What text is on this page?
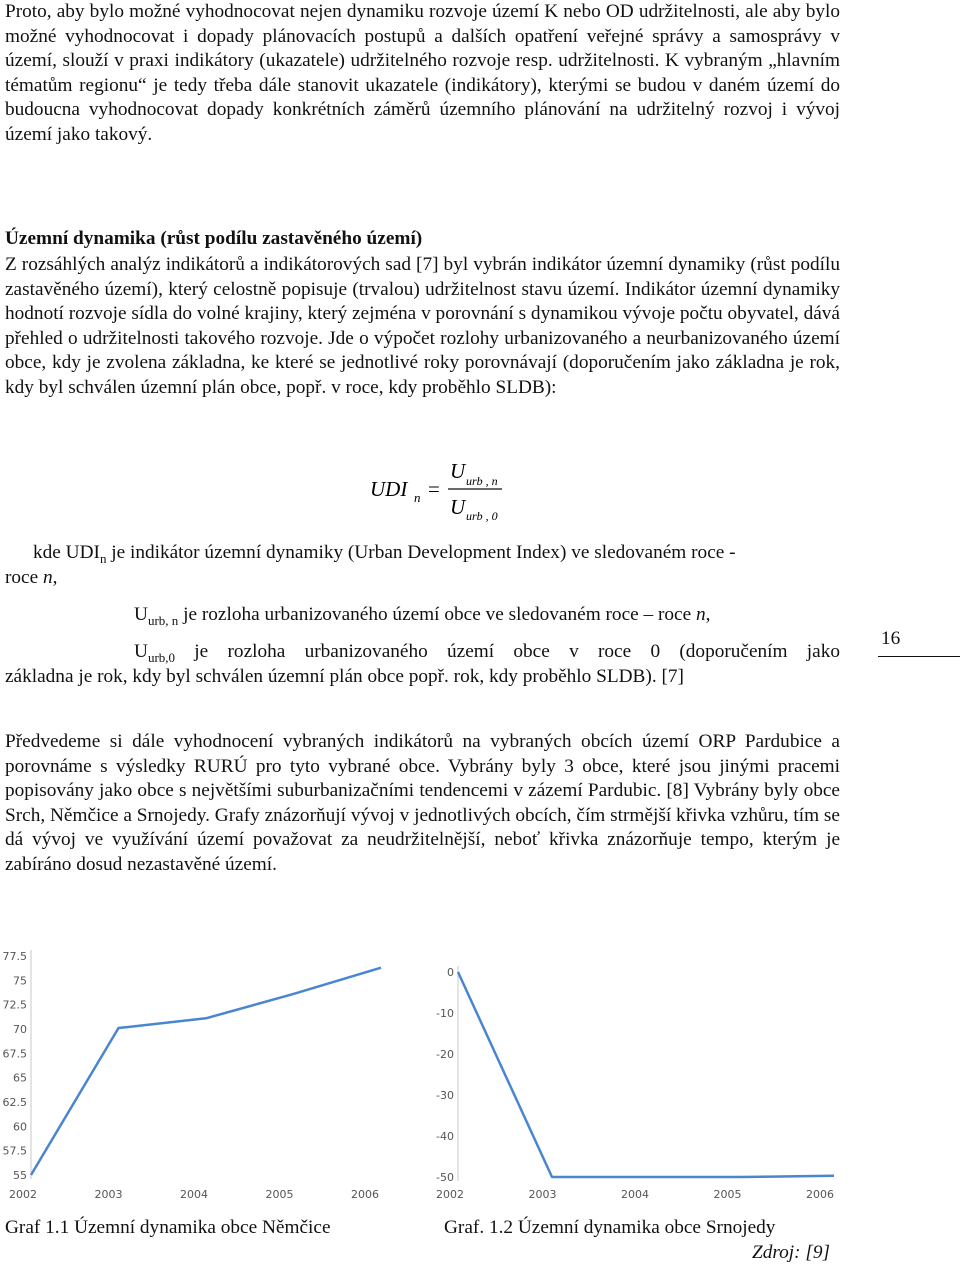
Proto, aby bylo možné vyhodnocovat nejen dynamiku rozvoje území K nebo OD udržitelnosti, ale aby bylo možné vyhodnocovat i dopady plánovacích postupů a dalších opatření veřejné správy a samosprávy v území, slouží v praxi indikátory (ukazatele) udržitelného rozvoje resp. udržitelnosti. K vybraným „hlavním tématům regionu“ je tedy třeba dále stanovit ukazatele (indikátory), kterými se budou v daném území do budoucna vyhodnocovat dopady konkrétních záměrů územního plánování na udržitelný rozvoj i vývoj území jako takový.

Územní dynamika (růst podílu zastavěného území)

Z rozsáhlých analýz indikátorů a indikátorových sad [7] byl vybrán indikátor územní dynamiky (růst podílu zastavěného území), který celostně popisuje (trvalou) udržitelnost stavu území. Indikátor územní dynamiky hodnotí rozvoje sídla do volné krajiny, který zejména v porovnání s dynamikou vývoje počtu obyvatel, dává přehled o udržitelnosti takového rozvoje. Jde o výpočet rozlohy urbanizovaného a neurbanizovaného území obce, kdy je zvolena základna, ke které se jednotlivé roky porovnávají (doporučením jako základna je rok, kdy byl schválen územní plán obce, popř. v roce, kdy proběhlo SLDB):

UDI n =
U urb , n
U urb , 0

kde $UDI_n$ je indikátor územní dynamiky (Urban Development Index) ve sledovaném roce -

roce n,

$U_{urb, n}$ je rozloha urbanizovaného území obce ve sledovaném roce – roce n,

$U_{urb,0}$ je rozloha urbanizovaného území obce v roce 0 (doporučením jako

základna je rok, kdy byl schválen územní plán obce popř. rok, kdy proběhlo SLDB). [7]

16

Předvedeme si dále vyhodnocení vybraných indikátorů na vybraných obcích území ORP Pardubice a porovnáme s výsledky RURÚ pro tyto vybrané obce. Vybrány byly 3 obce, které jsou jinými pracemi popisovány jako obce s největšími suburbanizačními tendencemi v zázemí Pardubic. [8] Vybrány byly obce Srch, Němčice a Srnojedy. Grafy znázorňují vývoj v jednotlivých obcích, čím strmější křivka vzhůru, tím se dá vývoj ve využívání území považovat za neudržitelnější, neboť křivka znázorňuje tempo, kterým je zabíráno dosud nezastavěné území.

77.5
75
72.5
70
67.5
65
62.5
60
57.5
55
2002	2003	2004	2005	2006
0
-10
-20
-30
-40
-50
2002	2003	2004	2005	2006

Graf 1.1 Územní dynamika obce Němčice	Graf. 1.2 Územní dynamika obce Srnojedy

Zdroj: [9]
